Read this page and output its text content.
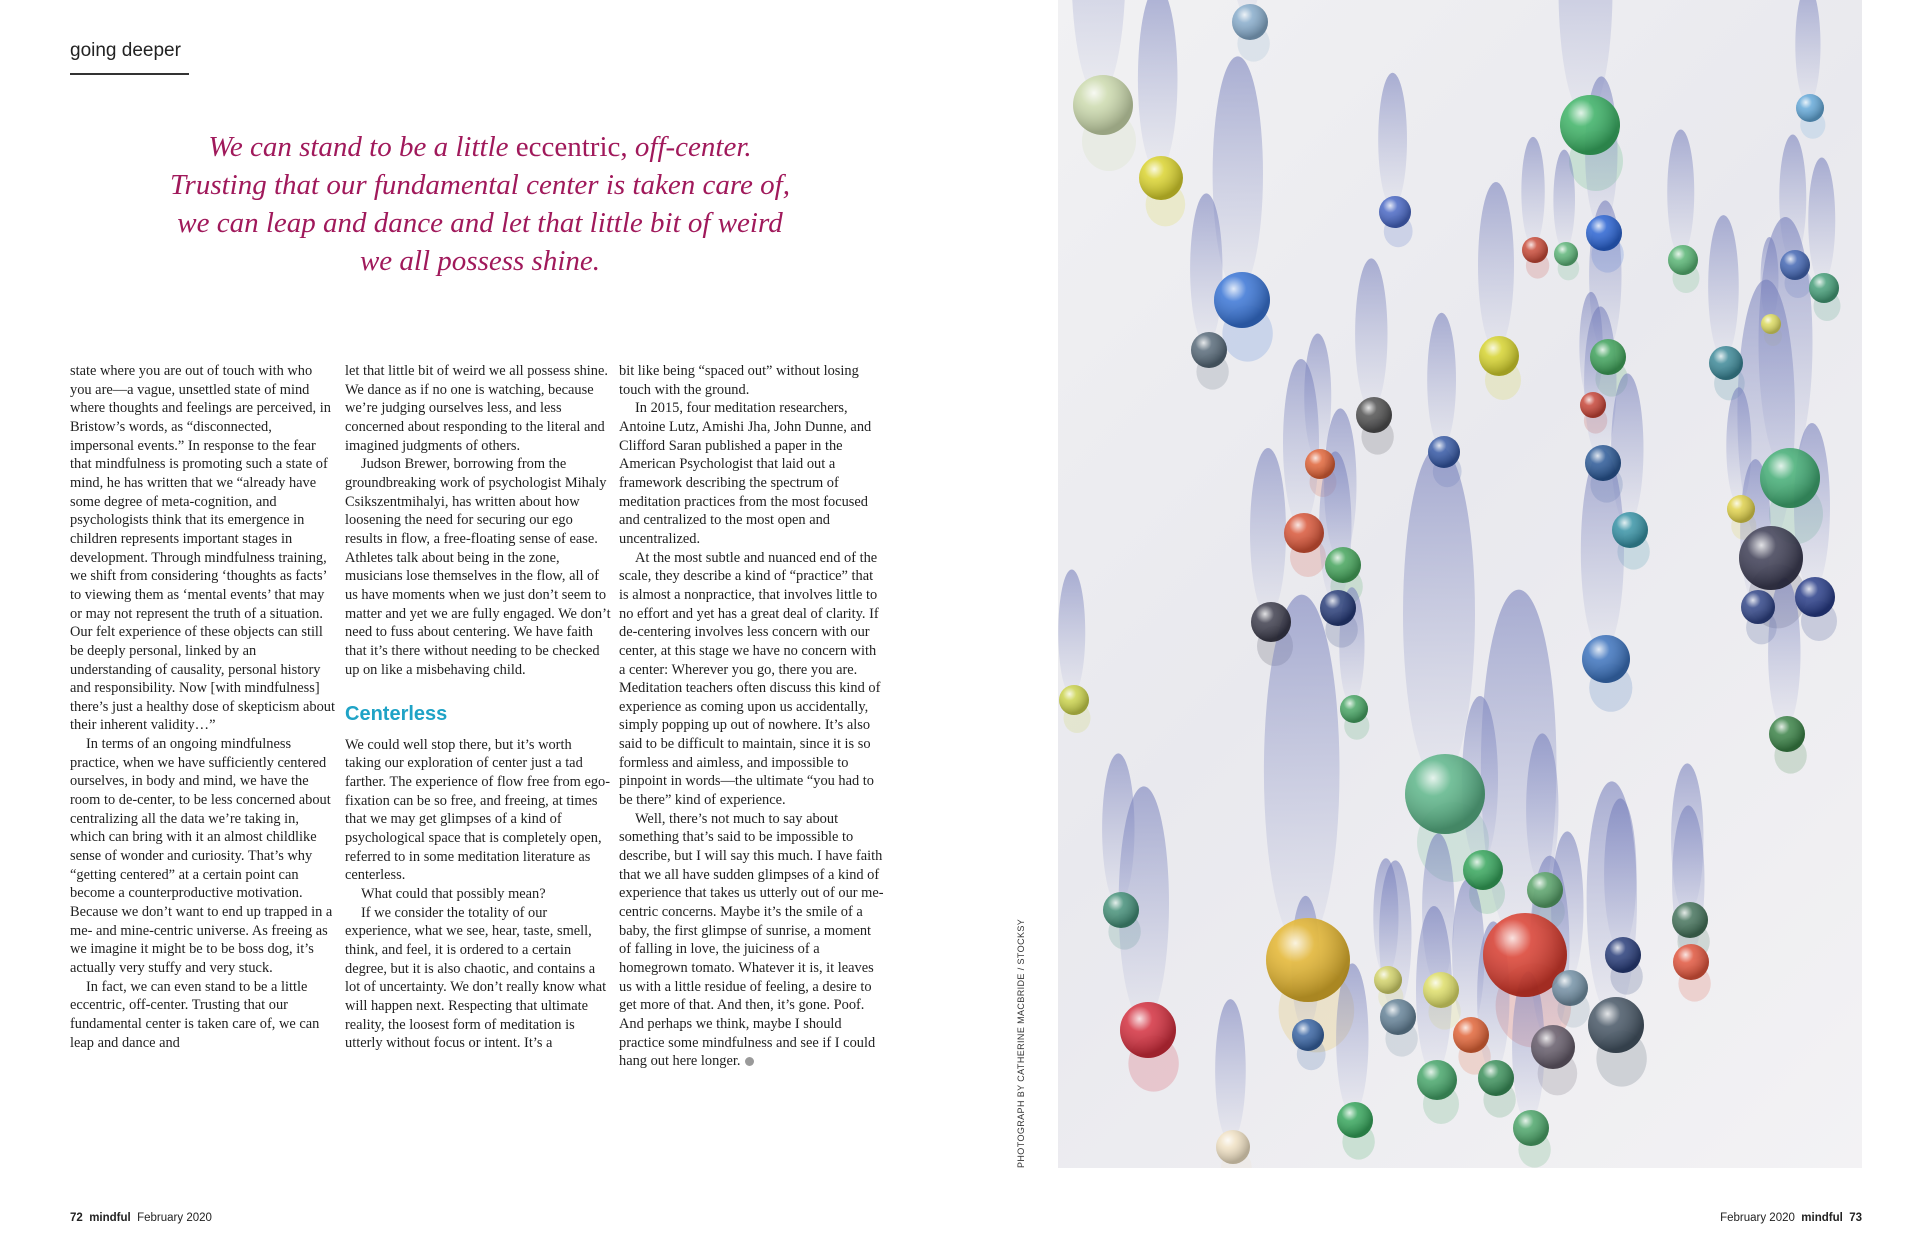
going deeper
We can stand to be a little eccentric, off-center. Trusting that our fundamental center is taken care of, we can leap and dance and let that little bit of weird we all possess shine.

state where you are out of touch with who you are—a vague, unsettled state of mind where thoughts and feelings are perceived, in Bristow’s words, as “disconnected, impersonal events.” In response to the fear that mindfulness is promoting such a state of mind, he has written that we “already have some degree of meta-cognition, and psychologists think that its emergence in children represents important stages in development. Through mindfulness training, we shift from considering ‘thoughts as facts’ to viewing them as ‘mental events’ that may or may not represent the truth of a situation. Our felt experience of these objects can still be deeply personal, linked by an understanding of causality, personal history and responsibility. Now [with mindfulness] there’s just a healthy dose of skepticism about their inherent validity…”

In terms of an ongoing mindfulness practice, when we have sufficiently centered ourselves, in body and mind, we have the room to de-center, to be less concerned about centralizing all the data we’re taking in, which can bring with it an almost childlike sense of wonder and curiosity. That’s why “getting centered” at a certain point can become a counterproductive motivation. Because we don’t want to end up trapped in a me- and mine-centric universe. As freeing as we imagine it might be to be boss dog, it’s actually very stuffy and very stuck.

In fact, we can even stand to be a little eccentric, off-center. Trusting that our fundamental center is taken care of, we can leap and dance and

let that little bit of weird we all possess shine. We dance as if no one is watching, because we’re judging ourselves less, and less concerned about responding to the literal and imagined judgments of others.

Judson Brewer, borrowing from the groundbreaking work of psychologist Mihaly Csikszentmihalyi, has written about how loosening the need for securing our ego results in flow, a free-floating sense of ease. Athletes talk about being in the zone, musicians lose themselves in the flow, all of us have moments when we just don’t seem to matter and yet we are fully engaged. We don’t need to fuss about centering. We have faith that it’s there without needing to be checked up on like a misbehaving child.

Centerless

We could well stop there, but it’s worth taking our exploration of center just a tad farther. The experience of flow free from ego-fixation can be so free, and freeing, at times that we may get glimpses of a kind of psychological space that is completely open, referred to in some meditation literature as centerless.

What could that possibly mean?

If we consider the totality of our experience, what we see, hear, taste, smell, think, and feel, it is ordered to a certain degree, but it is also chaotic, and contains a lot of uncertainty. We don’t really know what will happen next. Respecting that ultimate reality, the loosest form of meditation is utterly without focus or intent. It’s a

bit like being “spaced out” without losing touch with the ground.

In 2015, four meditation researchers, Antoine Lutz, Amishi Jha, John Dunne, and Clifford Saran published a paper in the American Psychologist that laid out a framework describing the spectrum of meditation practices from the most focused and centralized to the most open and uncentralized.

At the most subtle and nuanced end of the scale, they describe a kind of “practice” that is almost a nonpractice, that involves little to no effort and yet has a great deal of clarity. If de-centering involves less concern with our center, at this stage we have no concern with a center: Wherever you go, there you are. Meditation teachers often discuss this kind of experience as coming upon us accidentally, simply popping up out of nowhere. It’s also said to be difficult to maintain, since it is so formless and aimless, and impossible to pinpoint in words—the ultimate “you had to be there” kind of experience.

Well, there’s not much to say about something that’s said to be impossible to describe, but I will say this much. I have faith that we all have sudden glimpses of a kind of experience that takes us utterly out of our me-centric concerns. Maybe it’s the smile of a baby, the first glimpse of sunrise, a moment of falling in love, the juiciness of a homegrown tomato. Whatever it is, it leaves us with a little residue of feeling, a desire to get more of that. And then, it’s gone. Poof. And perhaps we think, maybe I should practice some mindfulness and see if I could hang out here longer.

72 mindful February 2020	February 2020 mindful 73
PHOTOGRAPH BY CATHERINE MACBRIDE / STOCKSY
